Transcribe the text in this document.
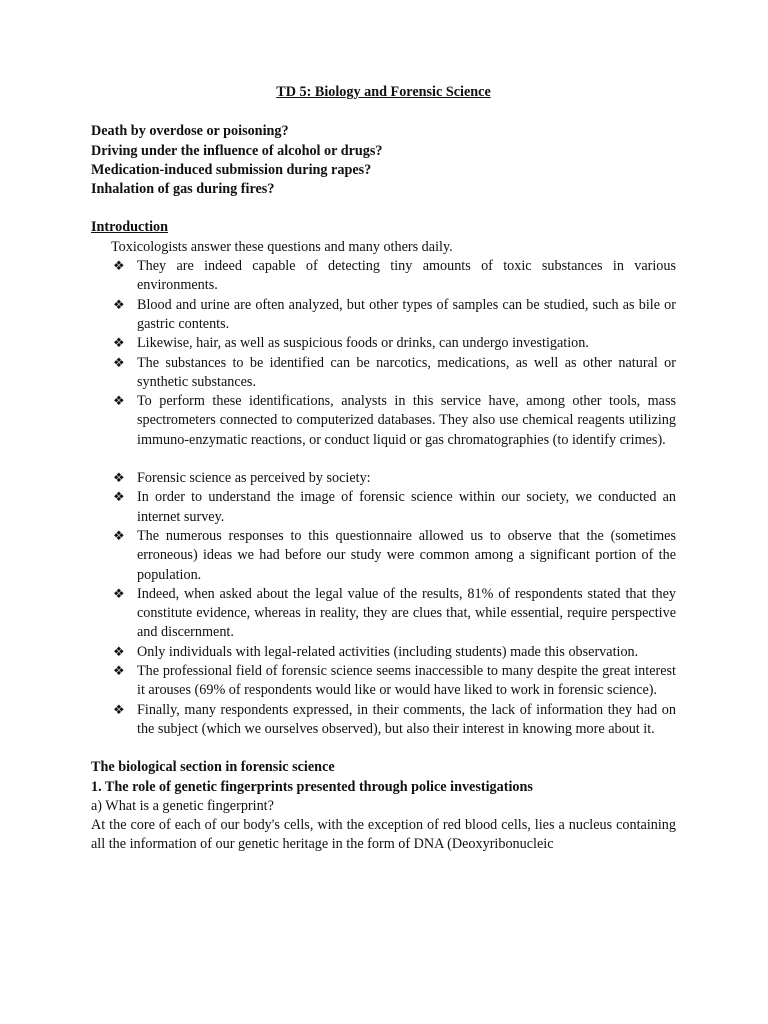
TD 5: Biology and Forensic Science
Death by overdose or poisoning?
Driving under the influence of alcohol or drugs?
Medication-induced submission during rapes?
Inhalation of gas during fires?
Introduction
Toxicologists answer these questions and many others daily.
❖ They are indeed capable of detecting tiny amounts of toxic substances in various environments.
❖ Blood and urine are often analyzed, but other types of samples can be studied, such as bile or gastric contents.
❖ Likewise, hair, as well as suspicious foods or drinks, can undergo investigation.
❖ The substances to be identified can be narcotics, medications, as well as other natural or synthetic substances.
❖ To perform these identifications, analysts in this service have, among other tools, mass spectrometers connected to computerized databases. They also use chemical reagents utilizing immuno-enzymatic reactions, or conduct liquid or gas chromatographies (to identify crimes).
❖ Forensic science as perceived by society:
❖ In order to understand the image of forensic science within our society, we conducted an internet survey.
❖ The numerous responses to this questionnaire allowed us to observe that the (sometimes erroneous) ideas we had before our study were common among a significant portion of the population.
❖ Indeed, when asked about the legal value of the results, 81% of respondents stated that they constitute evidence, whereas in reality, they are clues that, while essential, require perspective and discernment.
❖ Only individuals with legal-related activities (including students) made this observation.
❖ The professional field of forensic science seems inaccessible to many despite the great interest it arouses (69% of respondents would like or would have liked to work in forensic science).
❖ Finally, many respondents expressed, in their comments, the lack of information they had on the subject (which we ourselves observed), but also their interest in knowing more about it.
The biological section in forensic science
1. The role of genetic fingerprints presented through police investigations
a) What is a genetic fingerprint?
At the core of each of our body's cells, with the exception of red blood cells, lies a nucleus containing all the information of our genetic heritage in the form of DNA (Deoxyribonucleic
